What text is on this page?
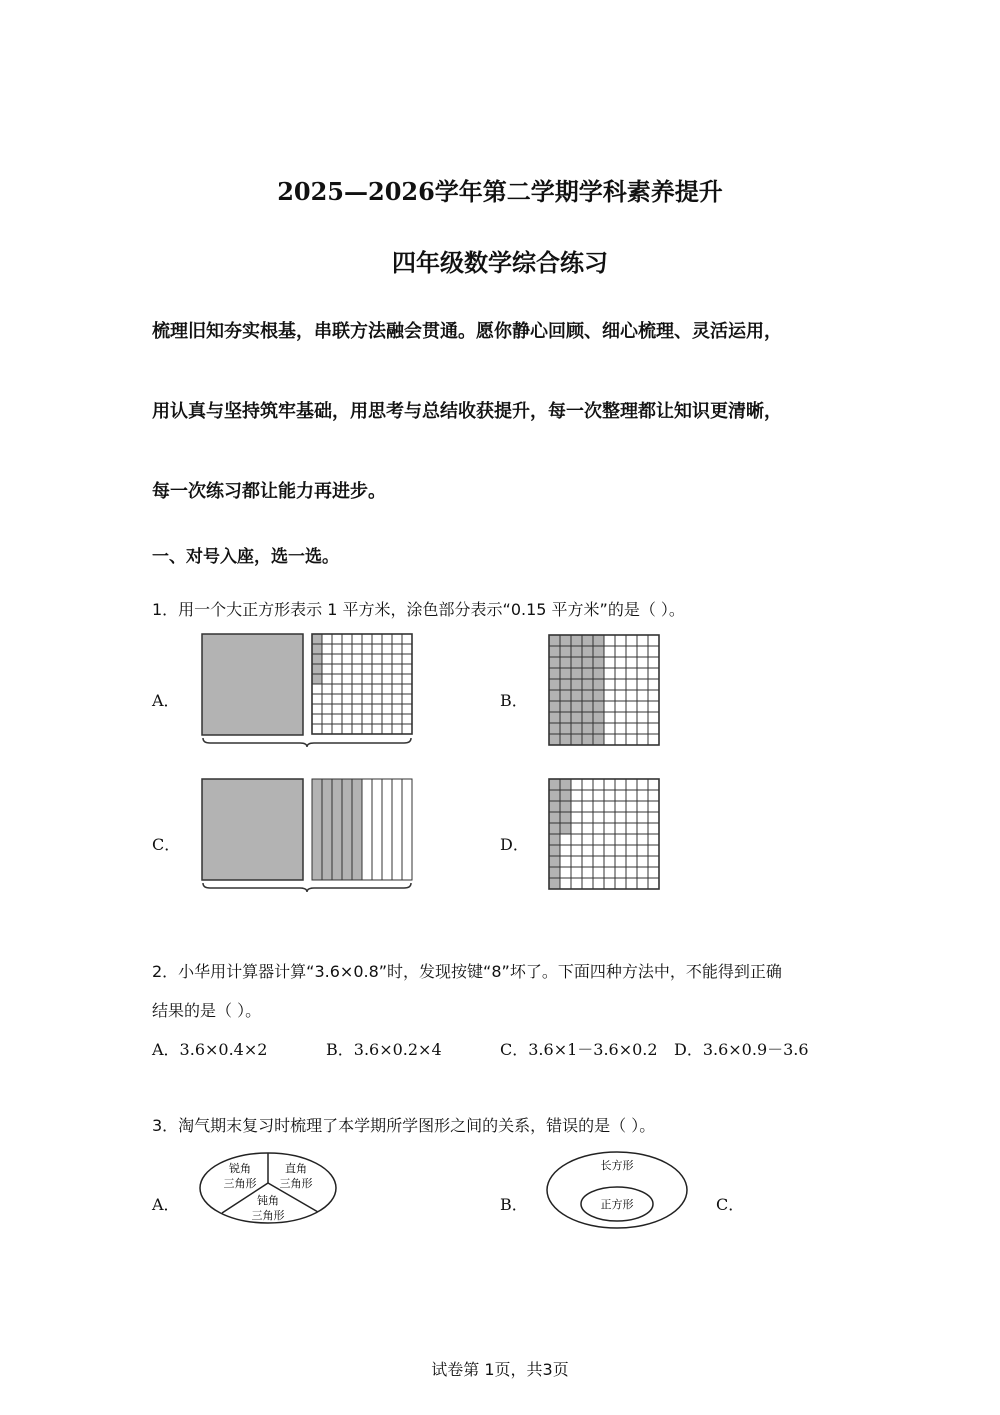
2025—2026学年第二学期学科素养提升
四年级数学综合练习
梳理旧知夯实根基，串联方法融会贯通。愿你静心回顾、细心梳理、灵活运用，
用认真与坚持筑牢基础，用思考与总结收获提升，每一次整理都让知识更清晰，
每一次练习都让能力再进步。
一、对号入座，选一选。
1．用一个大正方形表示 1 平方米，涂色部分表示“0.15 平方米”的是（ ）。
A．	B．
C．	D．
2．小华用计算器计算“3.6×0.8”时，发现按键“8”坏了。下面四种方法中，不能得到正确
结果的是（ ）。
A．3.6×0.4×2	B．3.6×0.2×4	C．3.6×1－3.6×0.2 D．3.6×0.9－3.6
3．淘气期末复习时梳理了本学期所学图形之间的关系，错误的是（ ）。
A．	B．	C．
锐角
三角形
直角
三角形
钝角
三角形
长方形
正方形
试卷第 1页，共3页
